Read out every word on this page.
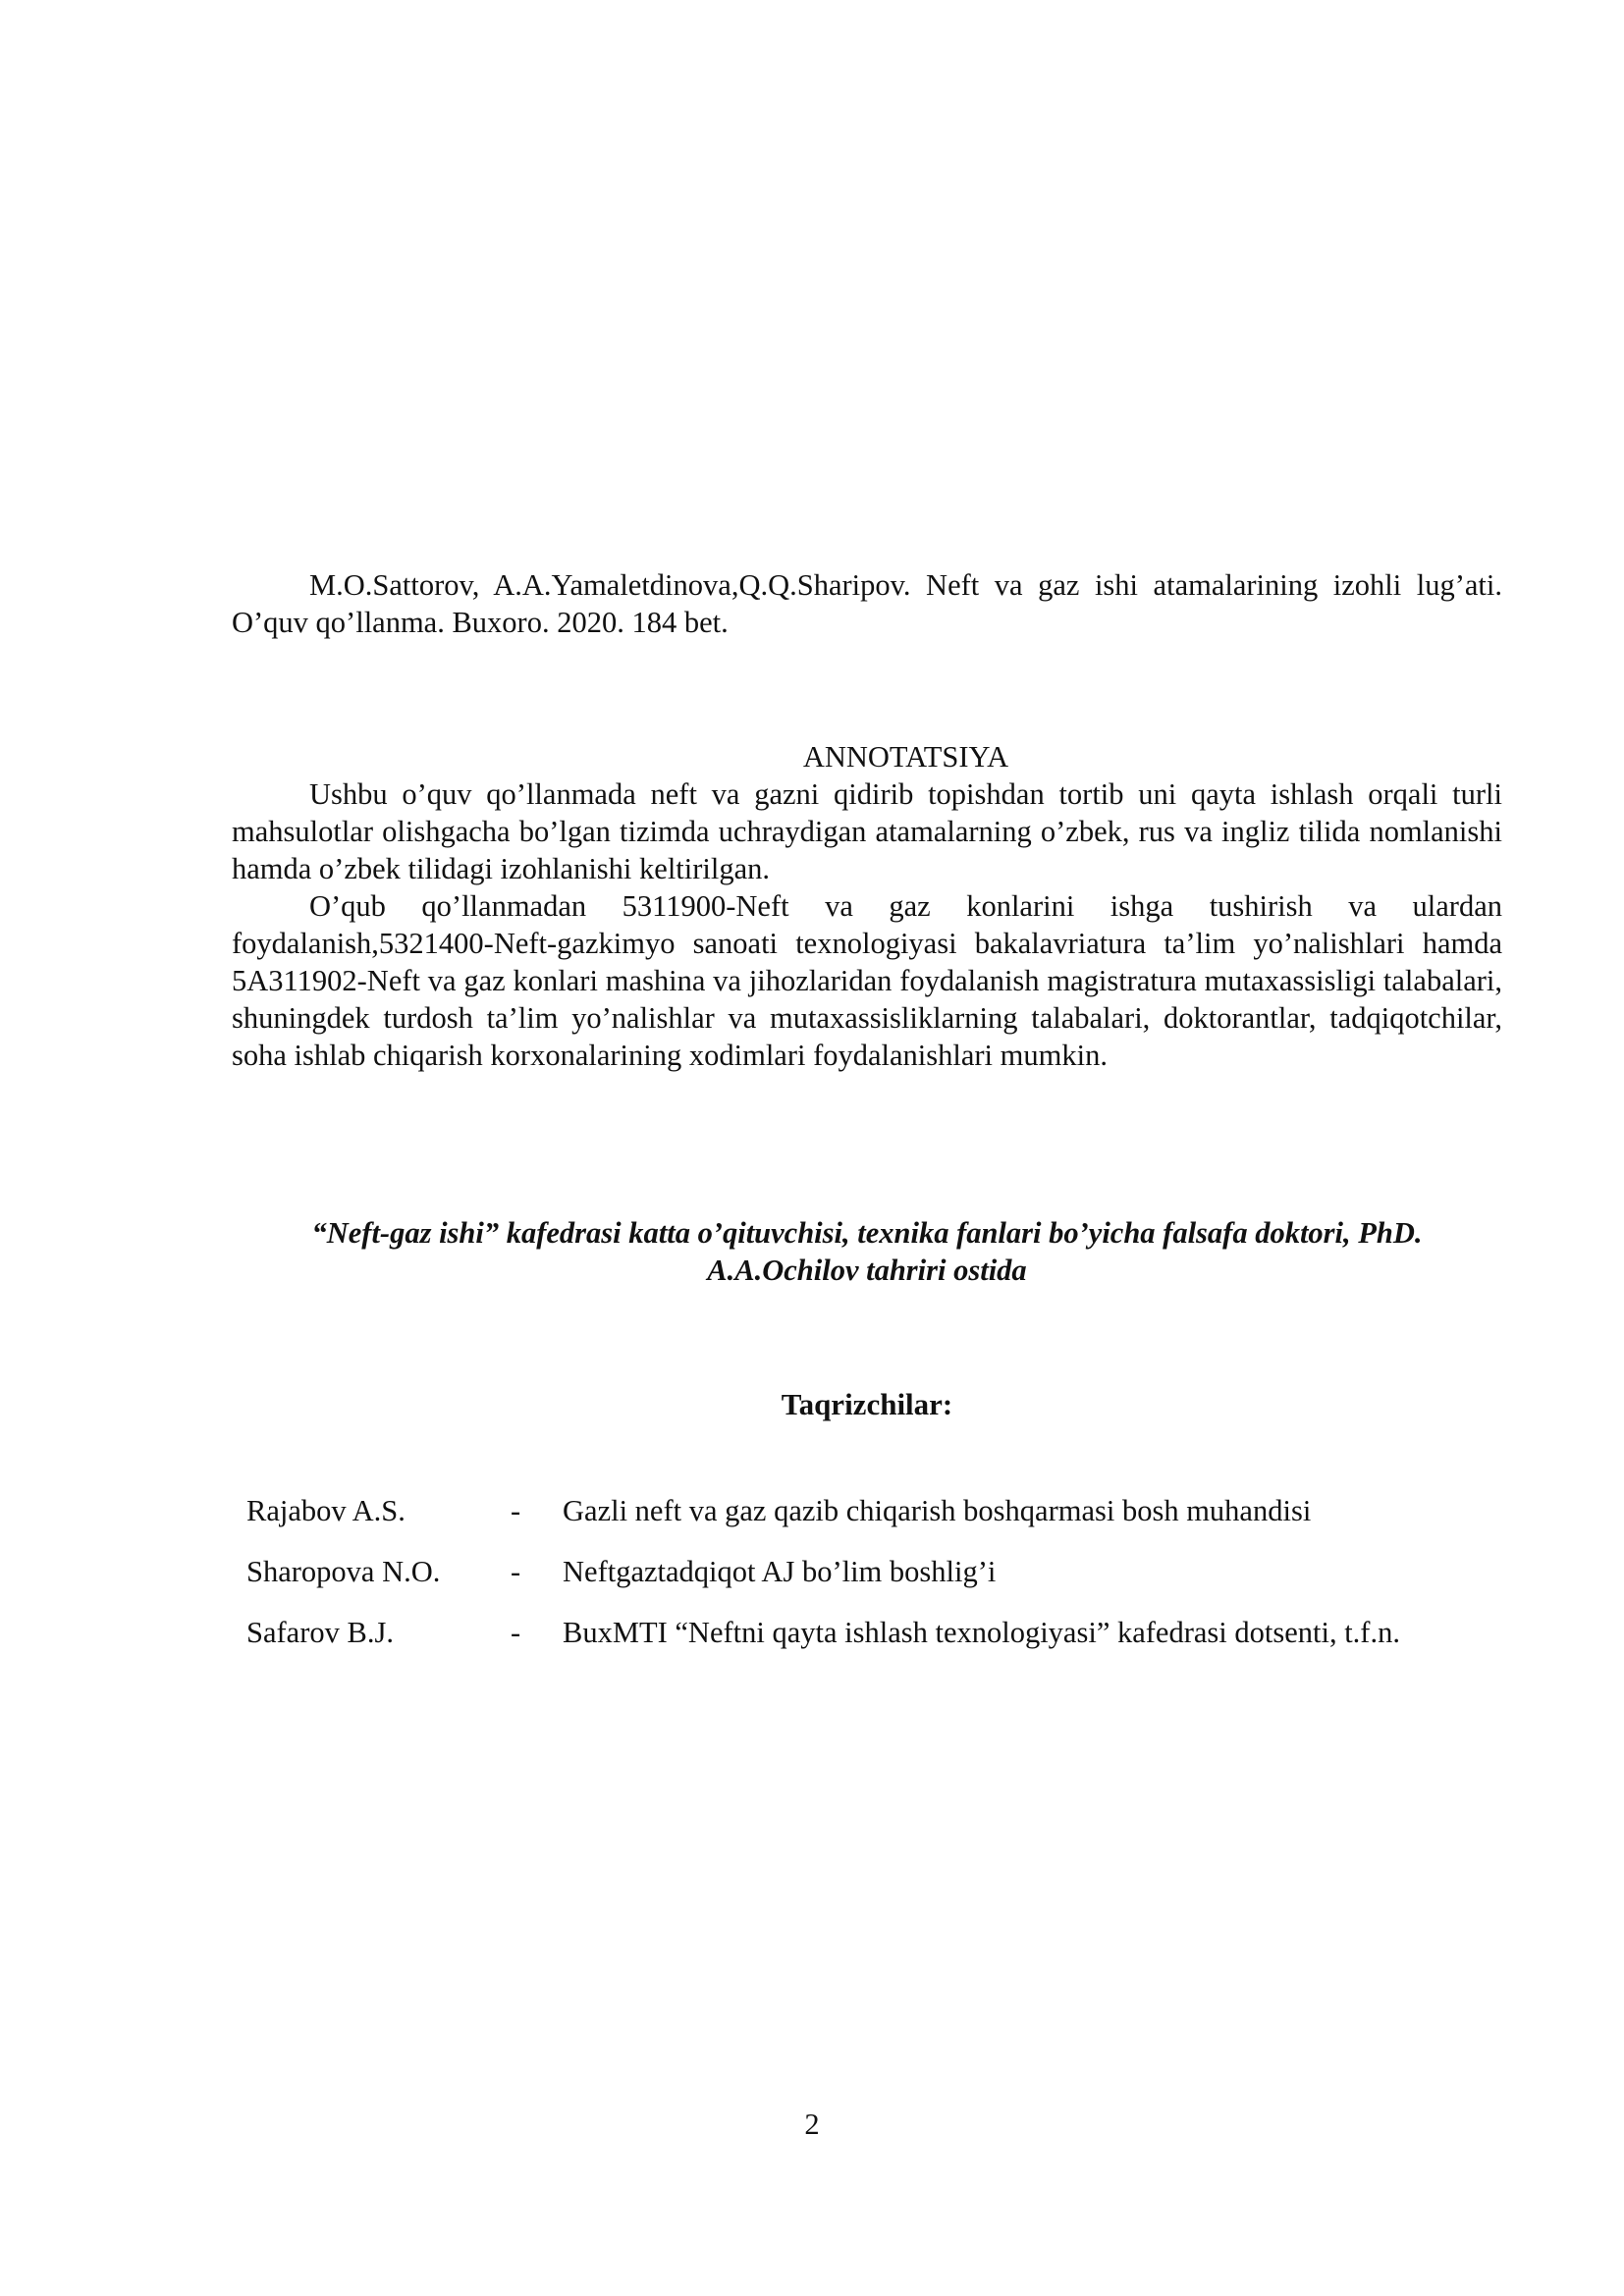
M.O.Sattorov, A.A.Yamaletdinova,Q.Q.Sharipov. Neft va gaz ishi atamalarining izohli lug’ati. O’quv qo’llanma. Buxoro. 2020. 184 bet.

ANNOTATSIYA

Ushbu o’quv qo’llanmada neft va gazni qidirib topishdan tortib uni qayta ishlash orqali turli mahsulotlar olishgacha bo’lgan tizimda uchraydigan atamalarning o’zbek, rus va ingliz tilida nomlanishi hamda o’zbek tilidagi izohlanishi keltirilgan.

O’qub qo’llanmadan 5311900-Neft va gaz konlarini ishga tushirish va ulardan foydalanish,5321400-Neft-gazkimyo sanoati texnologiyasi bakalavriatura ta’lim yo’nalishlari hamda 5A311902-Neft va gaz konlari mashina va jihozlaridan foydalanish magistratura mutaxassisligi talabalari, shuningdek turdosh ta’lim yo’nalishlar va mutaxassisliklarning talabalari, doktorantlar, tadqiqotchilar, soha ishlab chiqarish korxonalarining xodimlari foydalanishlari mumkin.

“Neft-gaz ishi” kafedrasi katta o’qituvchisi, texnika fanlari bo’yicha falsafa doktori, PhD.
A.A.Ochilov tahriri ostida

Taqrizchilar:

Rajabov A.S.	- Gazli neft va gaz qazib chiqarish boshqarmasi bosh muhandisi
Sharopova N.O. - Neftgaztadqiqot AJ bo’lim boshlig’i
Safarov B.J.	- BuxMTI “Neftni qayta ishlash texnologiyasi” kafedrasi dotsenti, t.f.n.
2
